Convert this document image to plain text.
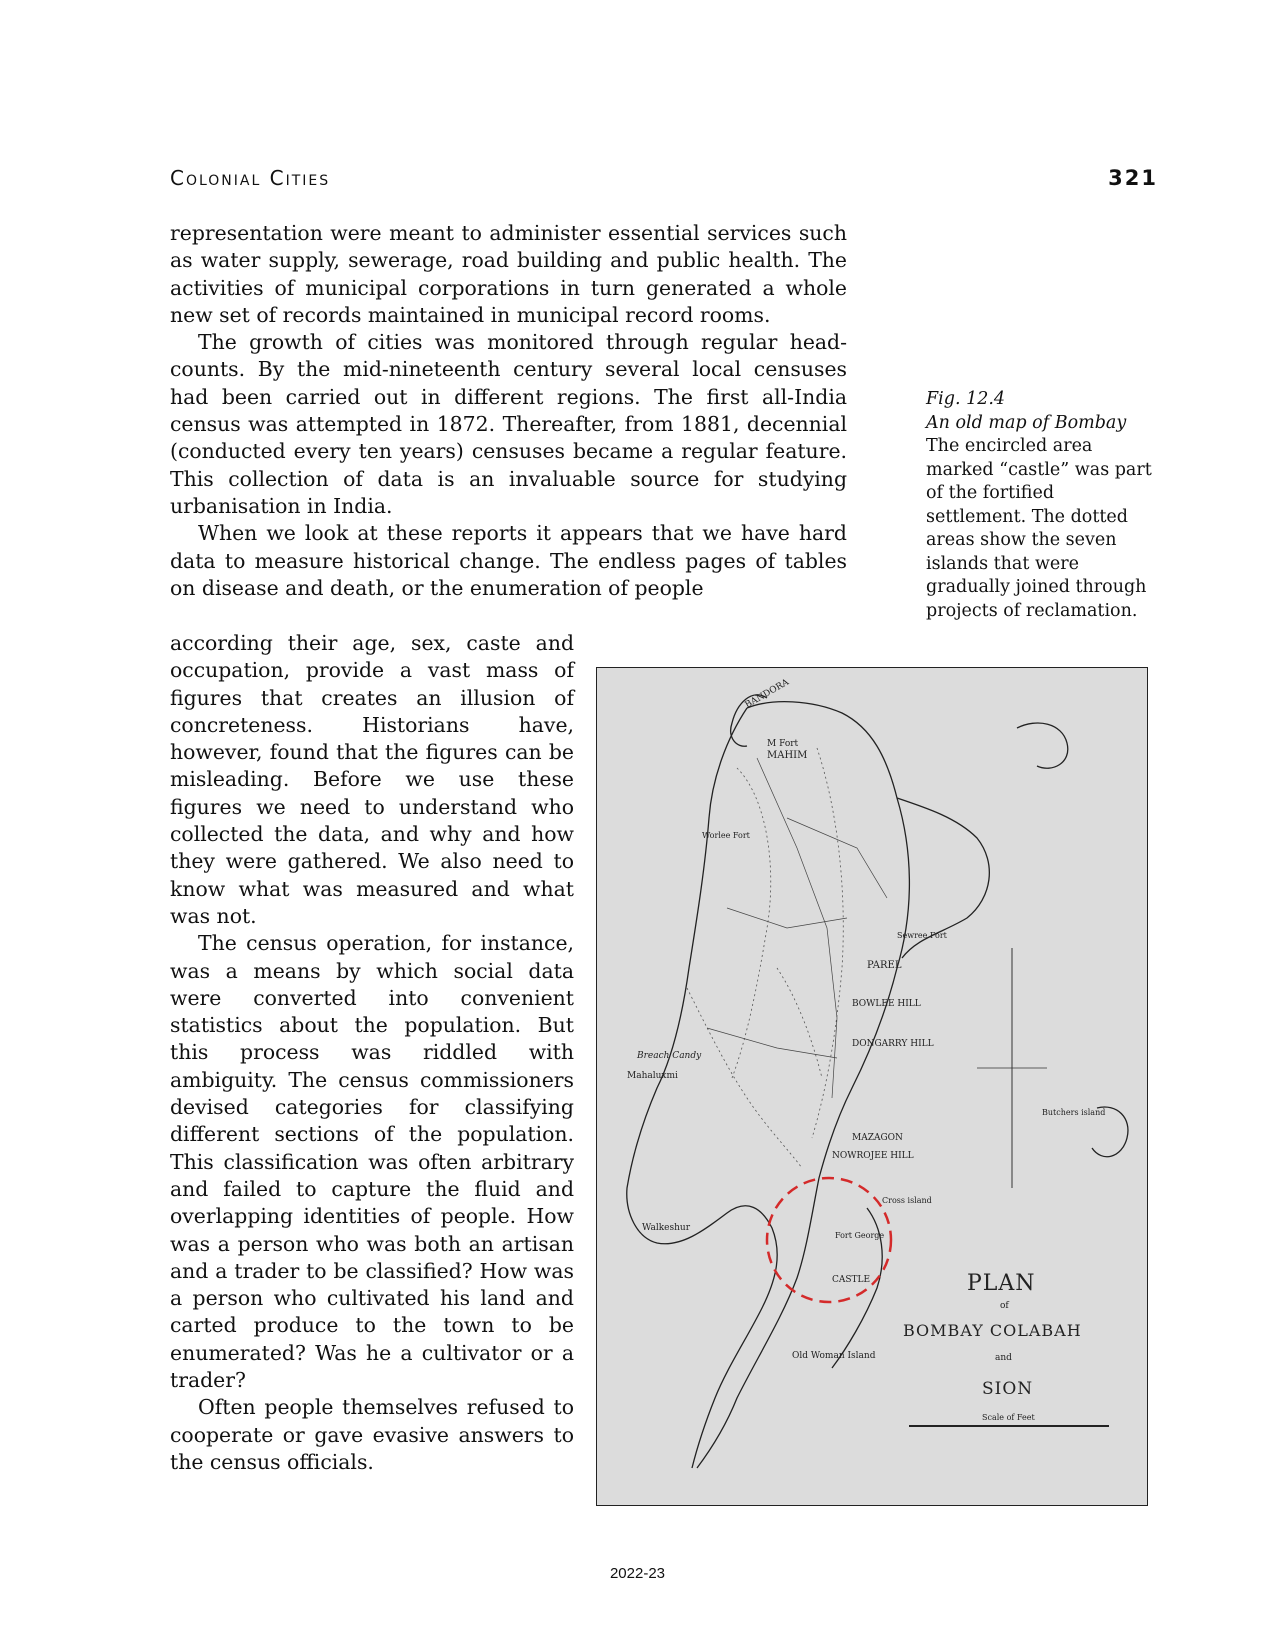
Colonial Cities	321

representation were meant to administer essential services such as water supply, sewerage, road building and public health. The activities of municipal corporations in turn generated a whole new set of records maintained in municipal record rooms.

The growth of cities was monitored through regular head-counts. By the mid-nineteenth century several local censuses had been carried out in different regions. The first all-India census was attempted in 1872. Thereafter, from 1881, decennial (conducted every ten years) censuses became a regular feature. This collection of data is an invaluable source for studying urbanisation in India.

When we look at these reports it appears that we have hard data to measure historical change. The endless pages of tables on disease and death, or the enumeration of people

according their age, sex, caste and occupation, provide a vast mass of figures that creates an illusion of concreteness. Historians have, however, found that the figures can be misleading. Before we use these figures we need to understand who collected the data, and why and how they were gathered. We also need to know what was measured and what was not.

The census operation, for instance, was a means by which social data were converted into convenient statistics about the population. But this process was riddled with ambiguity. The census commissioners devised categories for classifying different sections of the population. This classification was often arbitrary and failed to capture the fluid and overlapping identities of people. How was a person who was both an artisan and a trader to be classified? How was a person who cultivated his land and carted produce to the town to be enumerated? Was he a cultivator or a trader?

Often people themselves refused to cooperate or gave evasive answers to the census officials.

Fig. 12.4
An old map of Bombay
The encircled area marked “castle” was part of the fortified settlement. The dotted areas show the seven islands that were gradually joined through projects of reclamation.
BANDORA
M Fort
MAHIM
Worlee Fort
PAREL
Sewree Fort
BOWLEE HILL
DONGARRY HILL
Mahaluxmi
Breach Candy
MAZAGON
NOWROJEE HILL
Cross island
Butchers island
Fort George
CASTLE
Walkeshur
Old Woman Island
PLAN
of
BOMBAY COLABAH
and
SION
Scale of Feet
2022-23
